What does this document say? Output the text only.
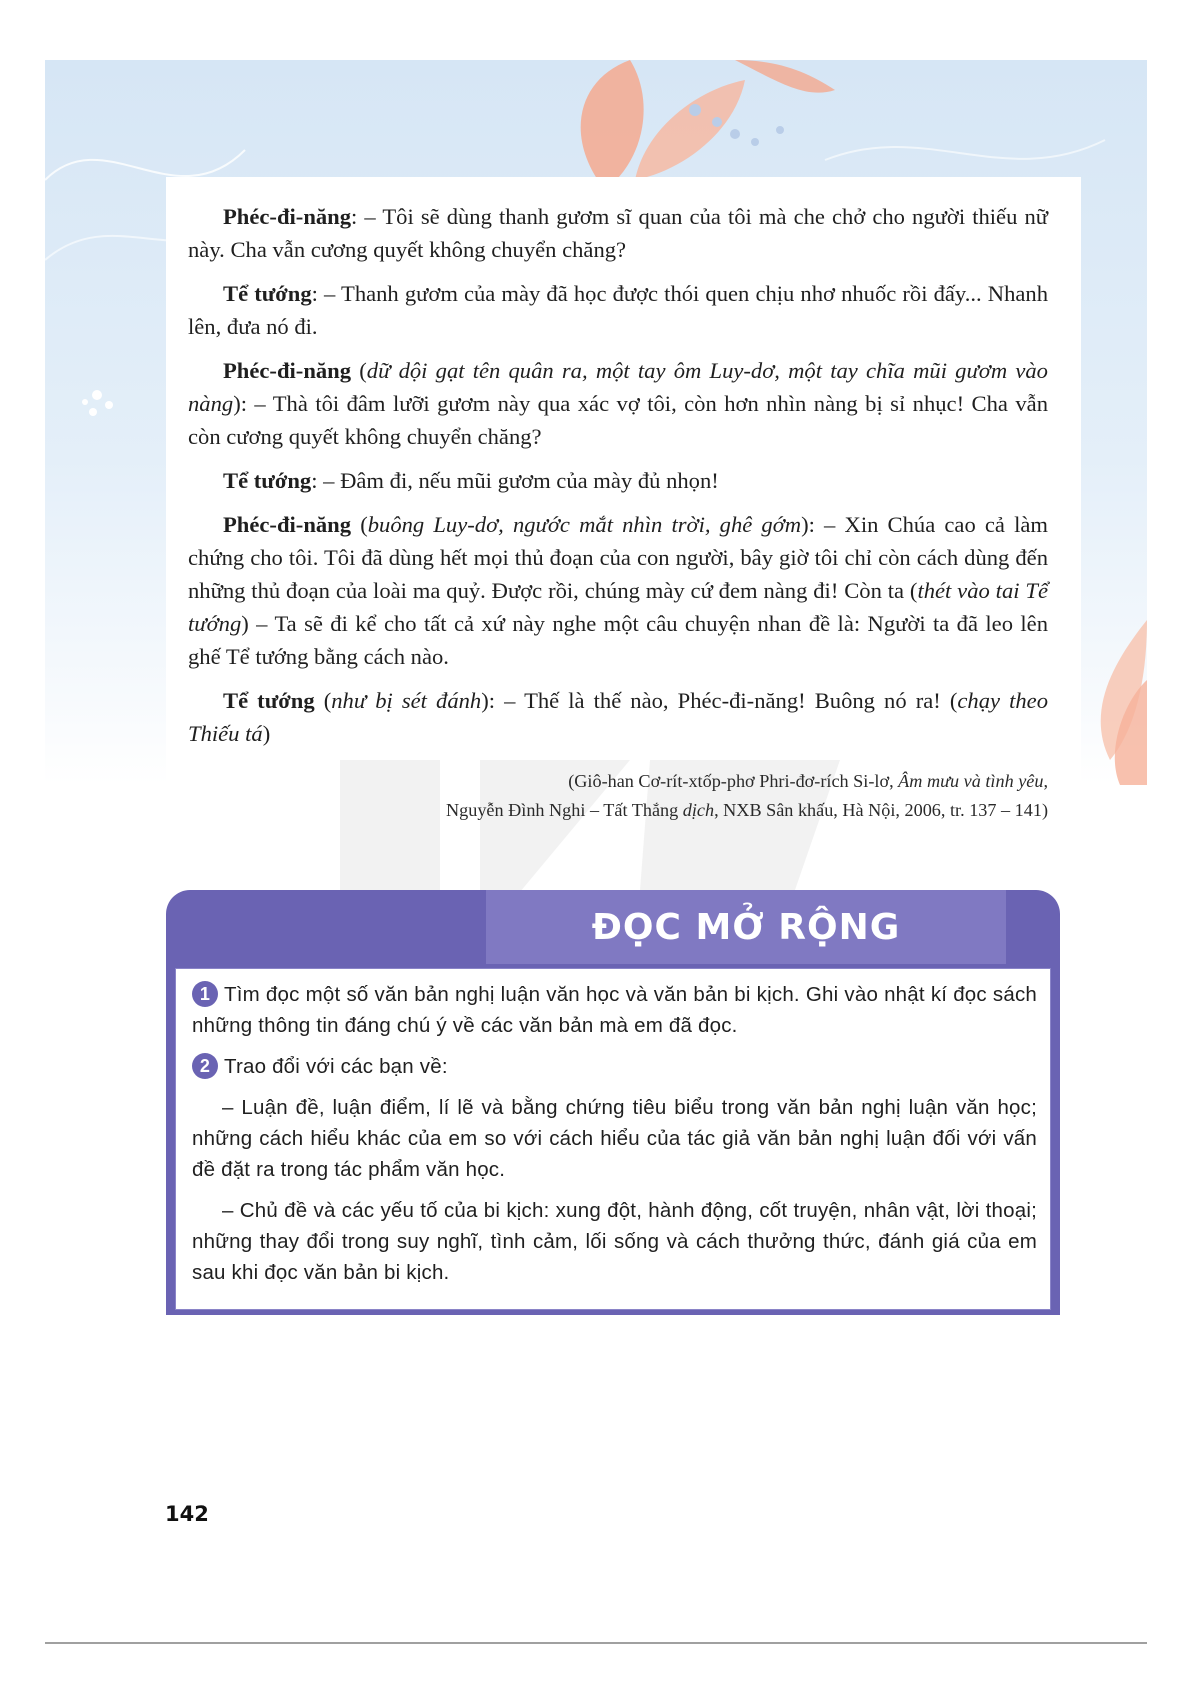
Phéc-đi-năng: – Tôi sẽ dùng thanh gươm sĩ quan của tôi mà che chở cho người thiếu nữ này. Cha vẫn cương quyết không chuyển chăng?

Tể tướng: – Thanh gươm của mày đã học được thói quen chịu nhơ nhuốc rồi đấy... Nhanh lên, đưa nó đi.

Phéc-đi-năng (dữ dội gạt tên quân ra, một tay ôm Luy-dơ, một tay chĩa mũi gươm vào nàng): – Thà tôi đâm lưỡi gươm này qua xác vợ tôi, còn hơn nhìn nàng bị sỉ nhục! Cha vẫn còn cương quyết không chuyển chăng?

Tể tướng: – Đâm đi, nếu mũi gươm của mày đủ nhọn!

Phéc-đi-năng (buông Luy-dơ, ngước mắt nhìn trời, ghê gớm): – Xin Chúa cao cả làm chứng cho tôi. Tôi đã dùng hết mọi thủ đoạn của con người, bây giờ tôi chỉ còn cách dùng đến những thủ đoạn của loài ma quỷ. Được rồi, chúng mày cứ đem nàng đi! Còn ta (thét vào tai Tể tướng) – Ta sẽ đi kể cho tất cả xứ này nghe một câu chuyện nhan đề là: Người ta đã leo lên ghế Tể tướng bằng cách nào.

Tể tướng (như bị sét đánh): – Thế là thế nào, Phéc-đi-năng! Buông nó ra! (chạy theo Thiếu tá)

(Giô-han Cơ-rít-xtốp-phơ Phri-đơ-rích Si-lơ, Âm mưu và tình yêu,
Nguyễn Đình Nghi – Tất Thắng dịch, NXB Sân khấu, Hà Nội, 2006, tr. 137 – 141)
ĐỌC MỞ RỘNG

1 Tìm đọc một số văn bản nghị luận văn học và văn bản bi kịch. Ghi vào nhật kí đọc sách những thông tin đáng chú ý về các văn bản mà em đã đọc.

2 Trao đổi với các bạn về:

– Luận đề, luận điểm, lí lẽ và bằng chứng tiêu biểu trong văn bản nghị luận văn học; những cách hiểu khác của em so với cách hiểu của tác giả văn bản nghị luận đối với vấn đề đặt ra trong tác phẩm văn học.

– Chủ đề và các yếu tố của bi kịch: xung đột, hành động, cốt truyện, nhân vật, lời thoại; những thay đổi trong suy nghĩ, tình cảm, lối sống và cách thưởng thức, đánh giá của em sau khi đọc văn bản bi kịch.

142
